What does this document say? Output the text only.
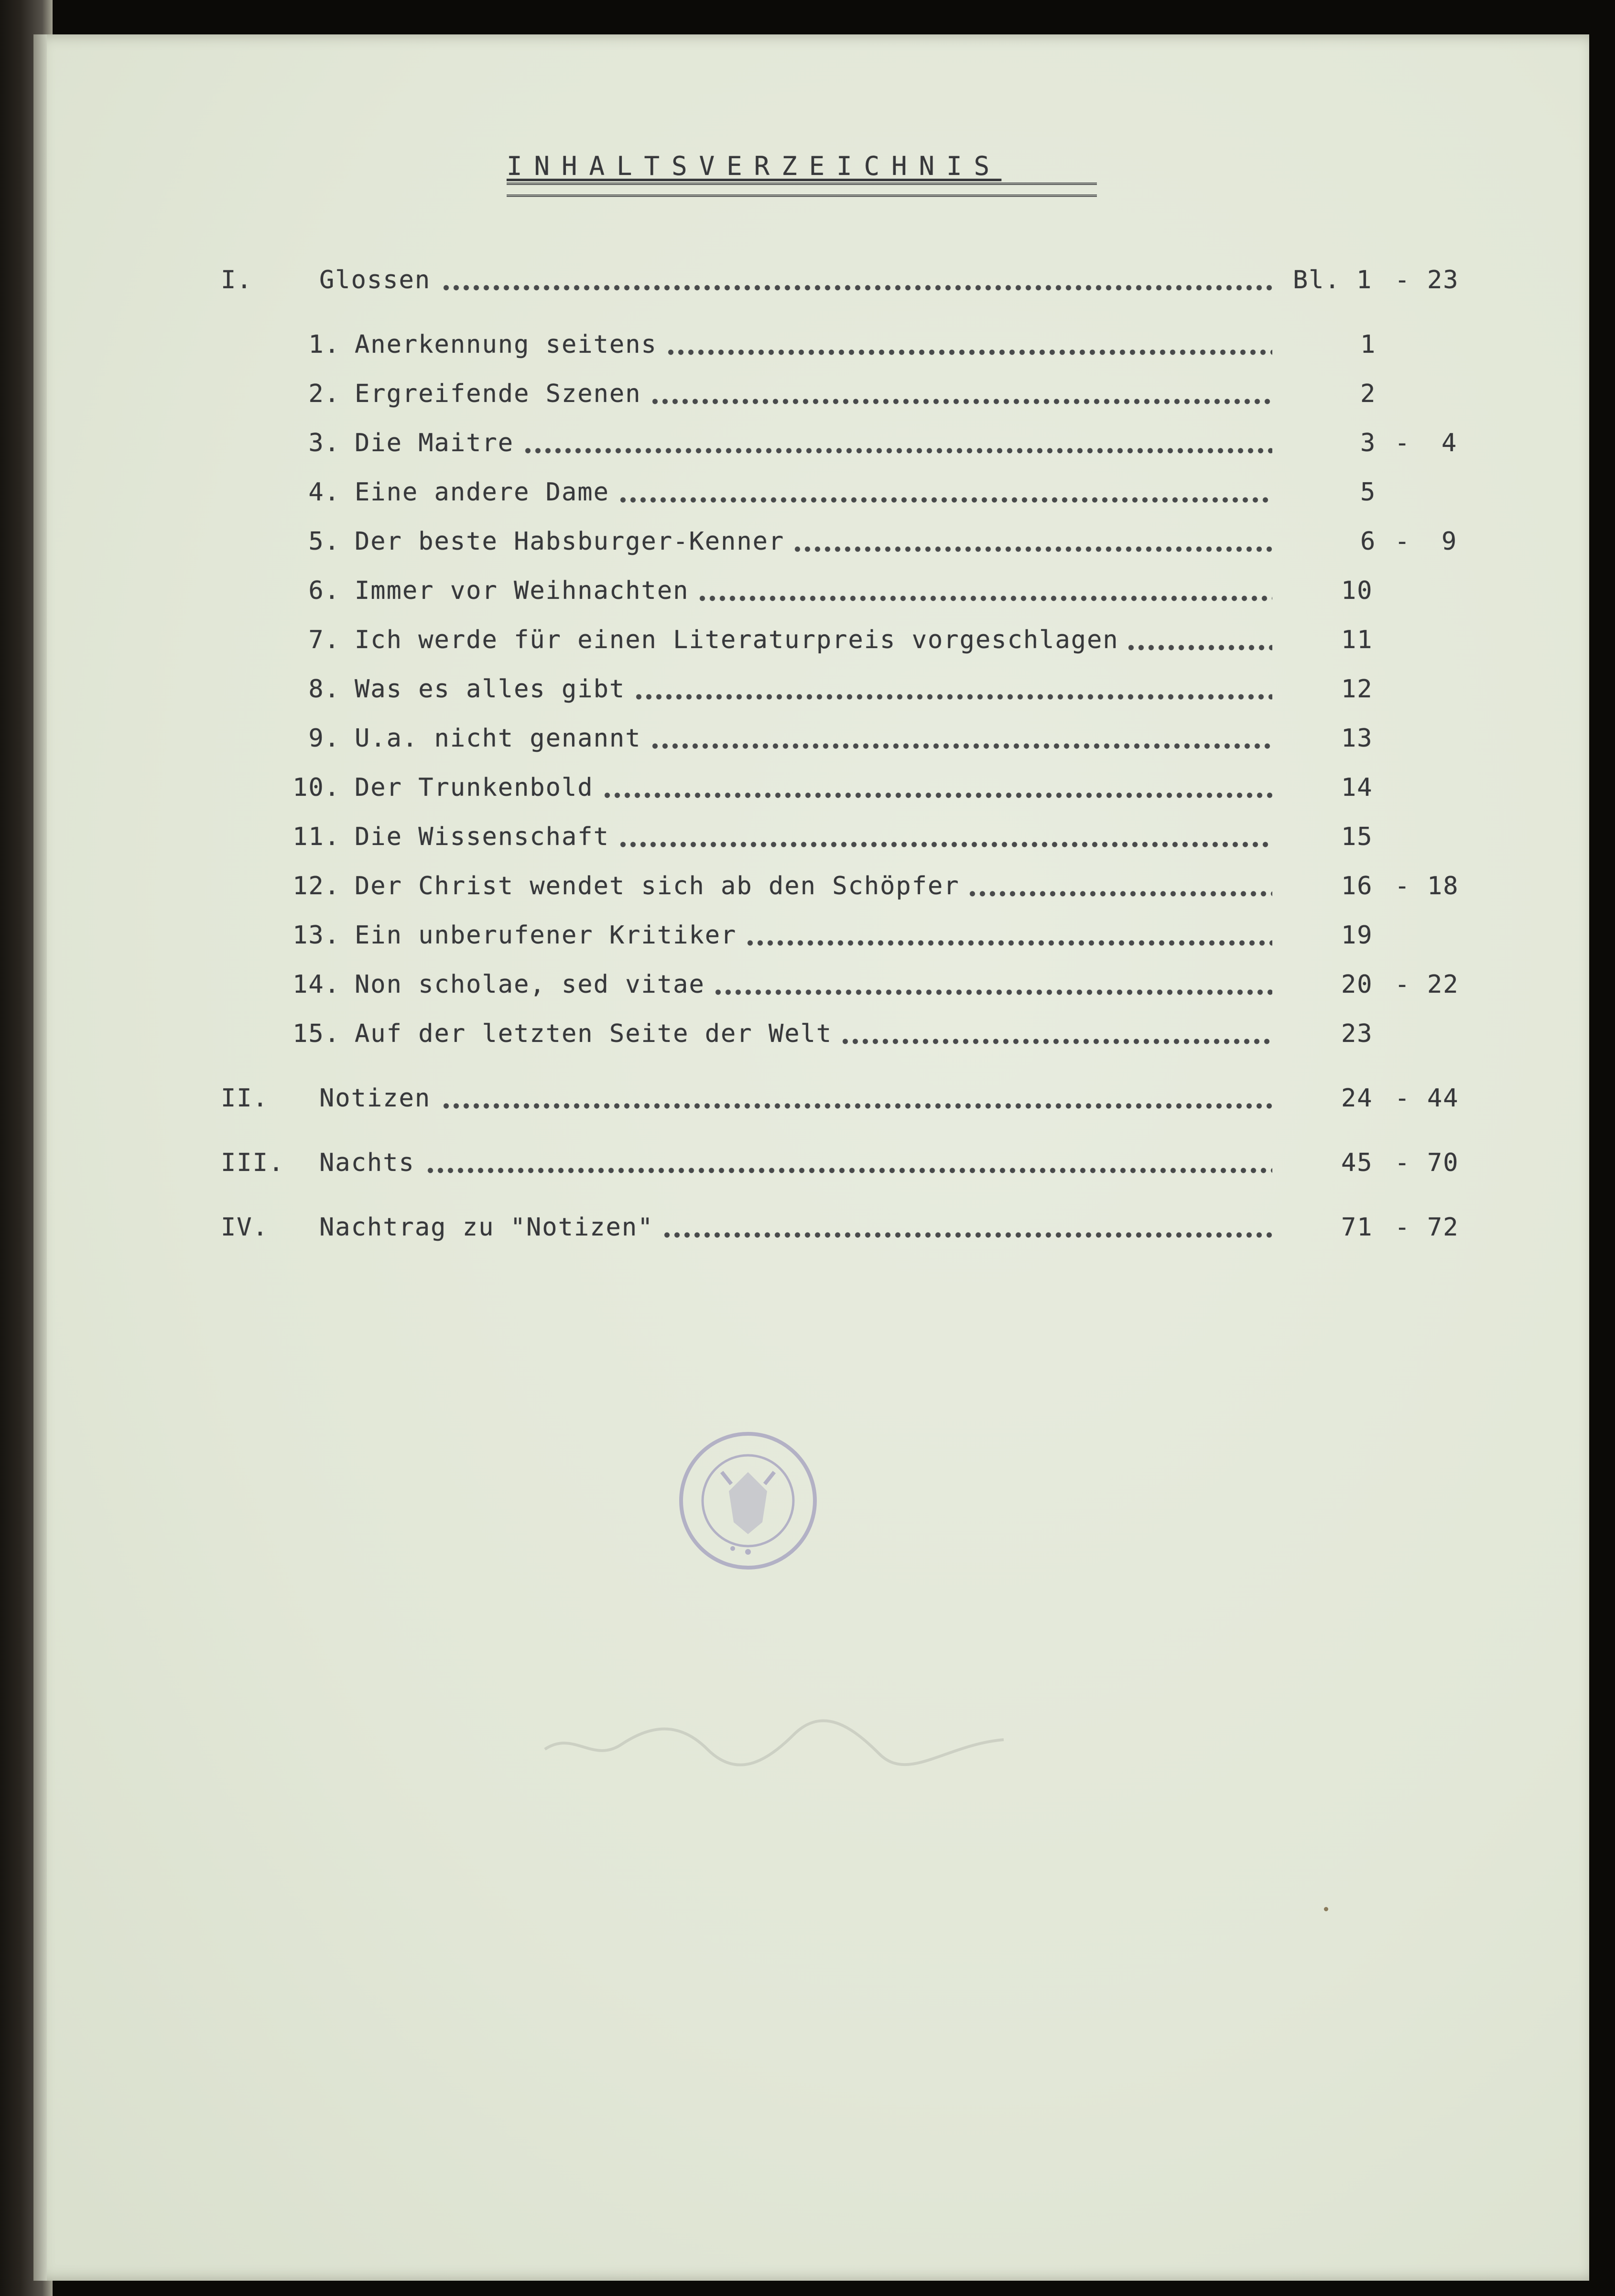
INHALTSVERZEICHNIS
I.	Glossen	Bl. 1 - 23
1. Anerkennung seitens	1
2. Ergreifende Szenen	2
3. Die Maitre	3 - 4
4. Eine andere Dame	5
5. Der beste Habsburger-Kenner	6 - 9
6. Immer vor Weihnachten	10
7. Ich werde für einen Literaturpreis vorgeschlagen	11
8. Was es alles gibt	12
9. U.a. nicht genannt	13
10. Der Trunkenbold	14
11. Die Wissenschaft	15
12. Der Christ wendet sich ab den Schöpfer	16 - 18
13. Ein unberufener Kritiker	19
14. Non scholae, sed vitae	20 - 22
15. Auf der letzten Seite der Welt	23
II. Notizen	24 - 44
III. Nachts	45 - 70
IV. Nachtrag zu "Notizen"	71 - 72
